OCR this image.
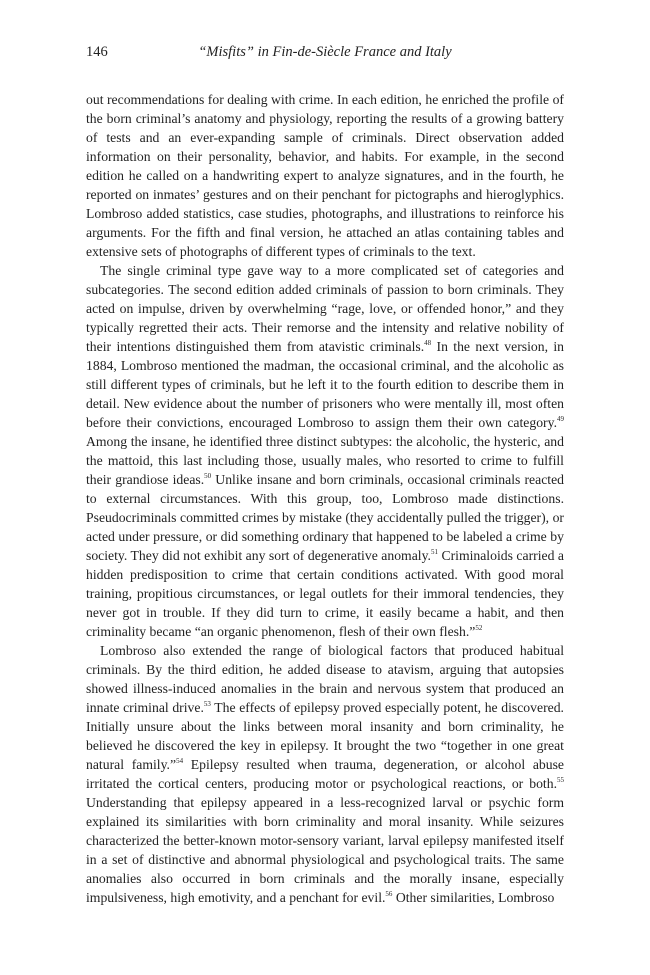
146	“Misfits” in Fin-de-Siècle France and Italy

out recommendations for dealing with crime. In each edition, he enriched the profile of the born criminal’s anatomy and physiology, reporting the results of a growing battery of tests and an ever-expanding sample of criminals. Direct observation added information on their personality, behavior, and habits. For example, in the second edition he called on a handwriting expert to analyze signatures, and in the fourth, he reported on inmates’ gestures and on their penchant for pictographs and hieroglyphics. Lombroso added statistics, case studies, photographs, and illustrations to reinforce his arguments. For the fifth and final version, he attached an atlas containing tables and extensive sets of photographs of different types of criminals to the text.

The single criminal type gave way to a more complicated set of categories and subcategories. The second edition added criminals of passion to born criminals. They acted on impulse, driven by overwhelming “rage, love, or offended honor,” and they typically regretted their acts. Their remorse and the intensity and relative nobility of their intentions distinguished them from atavistic criminals.$^{48}$ In the next version, in 1884, Lombroso mentioned the madman, the occasional criminal, and the alcoholic as still different types of criminals, but he left it to the fourth edition to describe them in detail. New evidence about the number of prisoners who were mentally ill, most often before their convictions, encouraged Lombroso to assign them their own category.$^{49}$ Among the insane, he identified three distinct subtypes: the alcoholic, the hysteric, and the mattoid, this last including those, usually males, who resorted to crime to fulfill their grandiose ideas.$^{50}$ Unlike insane and born criminals, occasional criminals reacted to external circumstances. With this group, too, Lombroso made distinctions. Pseudocriminals committed crimes by mistake (they accidentally pulled the trigger), or acted under pressure, or did something ordinary that happened to be labeled a crime by society. They did not exhibit any sort of degenerative anomaly.$^{51}$ Criminaloids carried a hidden predisposition to crime that certain conditions activated. With good moral training, propitious circumstances, or legal outlets for their immoral tendencies, they never got in trouble. If they did turn to crime, it easily became a habit, and then criminality became “an organic phenomenon, flesh of their own flesh.”$^{52}$

Lombroso also extended the range of biological factors that produced habitual criminals. By the third edition, he added disease to atavism, arguing that autopsies showed illness-induced anomalies in the brain and nervous system that produced an innate criminal drive.$^{53}$ The effects of epilepsy proved especially potent, he discovered. Initially unsure about the links between moral insanity and born criminality, he believed he discovered the key in epilepsy. It brought the two “together in one great natural family.”$^{54}$ Epilepsy resulted when trauma, degeneration, or alcohol abuse irritated the cortical centers, producing motor or psychological reactions, or both.$^{55}$ Understanding that epilepsy appeared in a less-recognized larval or psychic form explained its similarities with born criminality and moral insanity. While seizures characterized the better-known motor-sensory variant, larval epilepsy manifested itself in a set of distinctive and abnormal physiological and psychological traits. The same anomalies also occurred in born criminals and the morally insane, especially impulsiveness, high emotivity, and a penchant for evil.$^{56}$ Other similarities, Lombroso
